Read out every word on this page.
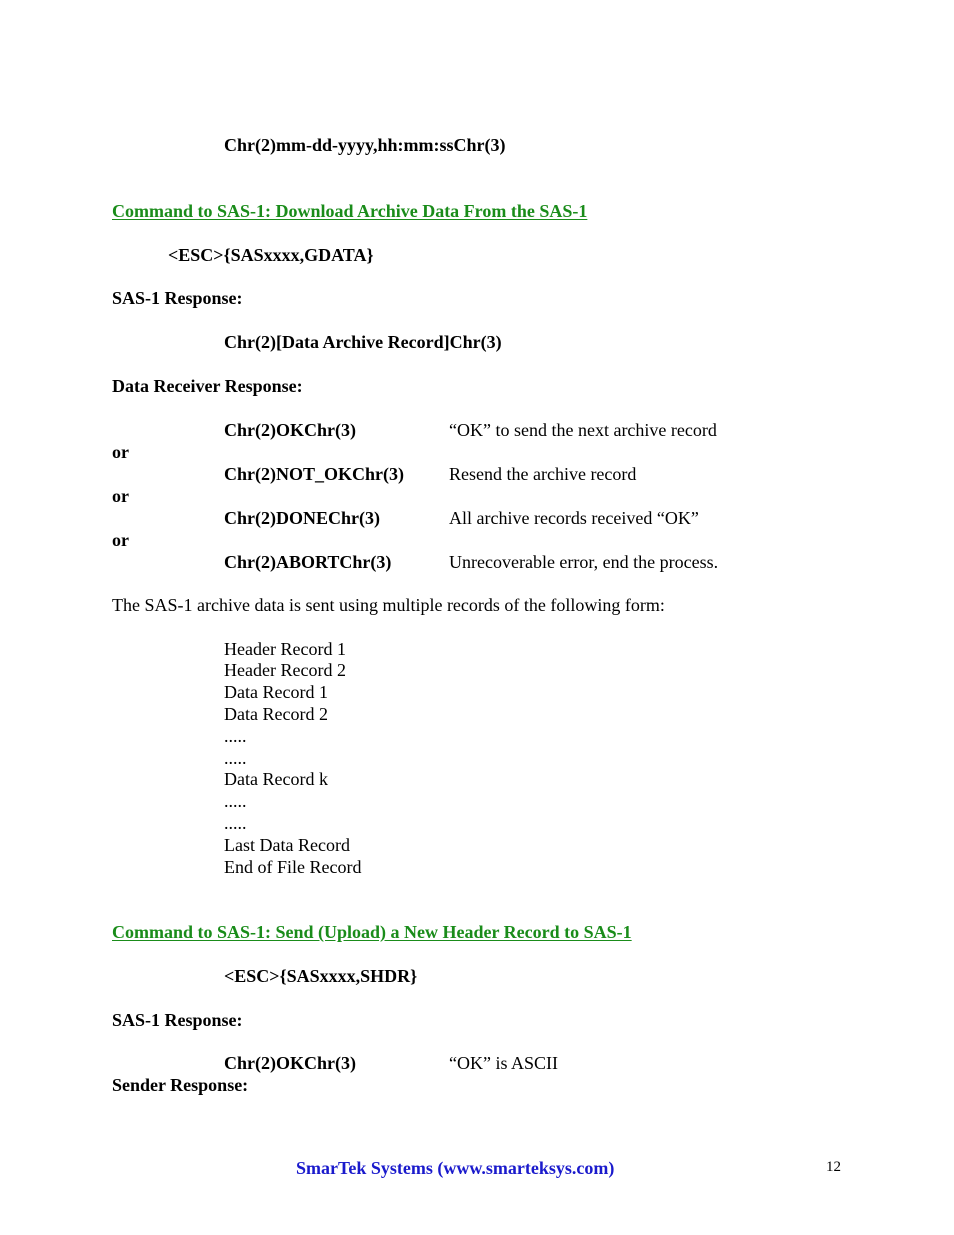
Chr(2)mm-dd-yyyy,hh:mm:ssChr(3)
Command to SAS-1: Download Archive Data From the SAS-1
<ESC>{SASxxxx,GDATA}
SAS-1 Response:
Chr(2)[Data Archive Record]Chr(3)
Data Receiver Response:
Chr(2)OKChr(3)	“OK” to send the next archive record
or
Chr(2)NOT_OKChr(3)	Resend the archive record
or
Chr(2)DONEChr(3)	All archive records received “OK”
or
Chr(2)ABORTChr(3)	Unrecoverable error, end the process.
The SAS-1 archive data is sent using multiple records of the following form:
Header Record 1
Header Record 2
Data Record 1
Data Record 2
.....
.....
Data Record k
.....
.....
Last Data Record
End of File Record
Command to SAS-1: Send (Upload) a New Header Record to SAS-1
<ESC>{SASxxxx,SHDR}
SAS-1 Response:
Chr(2)OKChr(3)	“OK” is ASCII
Sender Response:
SmarTek Systems (www.smarteksys.com)	12
